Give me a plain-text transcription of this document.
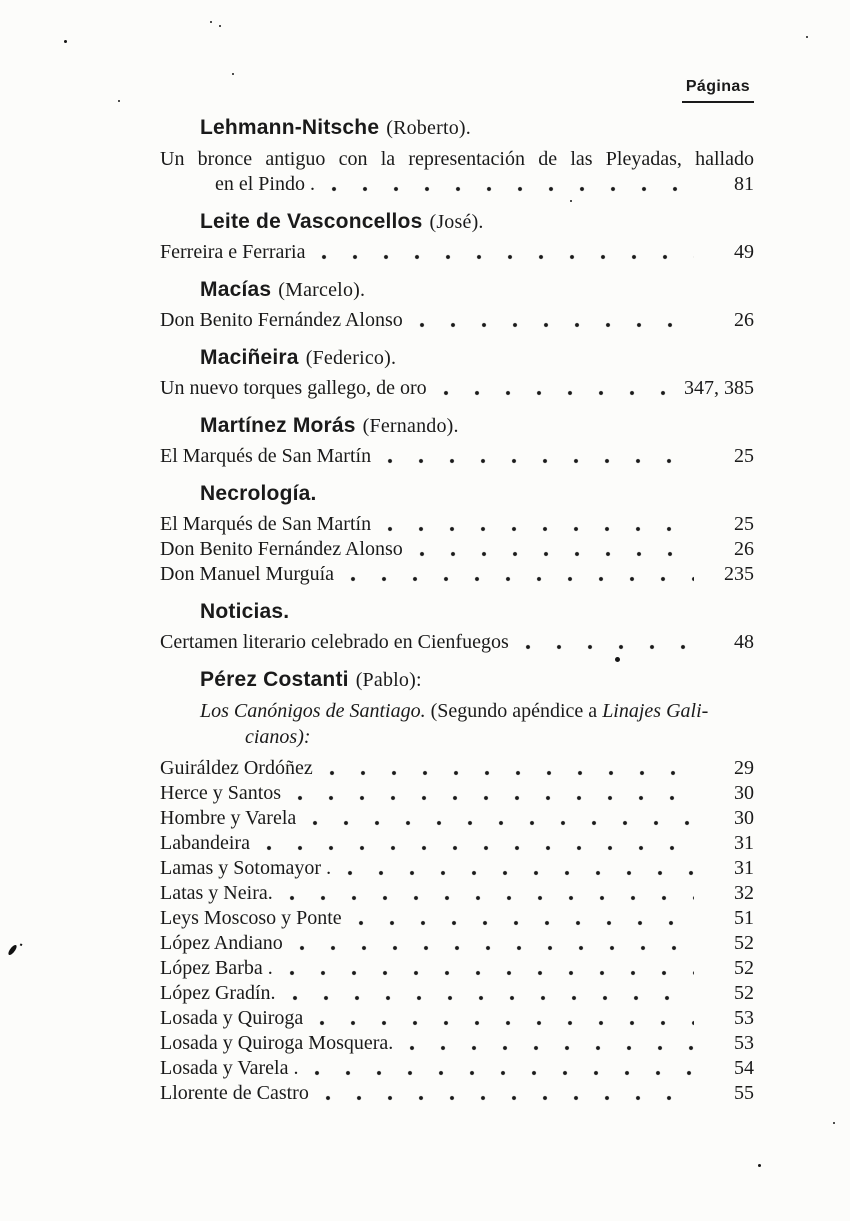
Páginas
Lehmann-Nitsche (Roberto).
Un bronce antiguo con la representación de las Pleyadas, hallado
en el Pindo .	81
Leite de Vasconcellos (José).
Ferreira e Ferraria	49
Macías (Marcelo).
Don Benito Fernández Alonso	26
Maciñeira (Federico).
Un nuevo torques gallego, de oro	347, 385
Martínez Morás (Fernando).
El Marqués de San Martín	25
Necrología.
El Marqués de San Martín	25
Don Benito Fernández Alonso	26
Don Manuel Murguía	235
Noticias.
Certamen literario celebrado en Cienfuegos	48
Pérez Costanti (Pablo):
Los Canónigos de Santiago. (Segundo apéndice a Linajes Gali-
cianos):
Guiráldez Ordóñez	29
Herce y Santos	30
Hombre y Varela	30
Labandeira	31
Lamas y Sotomayor .	31
Latas y Neira.	32
Leys Moscoso y Ponte	51
López Andiano	52
López Barba .	52
López Gradín.	52
Losada y Quiroga	53
Losada y Quiroga Mosquera.	53
Losada y Varela .	54
Llorente de Castro	55
